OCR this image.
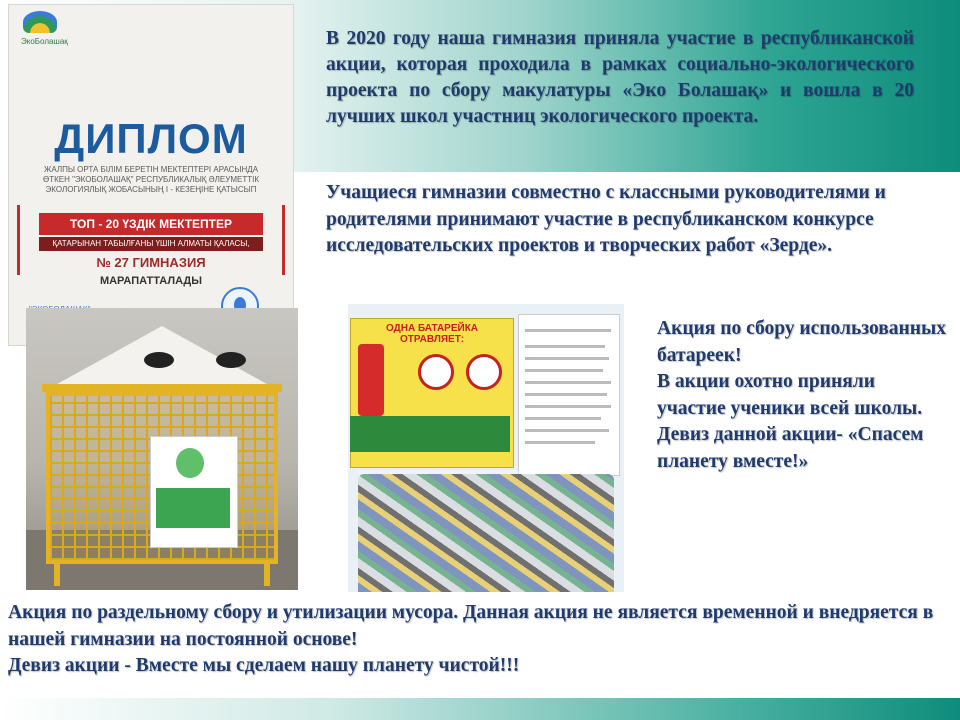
ЭкоБолашақ
ДИПЛОМ
ЖАЛПЫ ОРТА БІЛІМ БЕРЕТІН МЕКТЕПТЕРІ АРАСЫНДА
ӨТКЕН "ЭКОБОЛАШАҚ" РЕСПУБЛИКАЛЫҚ ӘЛЕУМЕТТІК
ЭКОЛОГИЯЛЫҚ ЖОБАСЫНЫҢ I - КЕЗЕҢІНЕ ҚАТЫСЫП
ТОП - 20 ҮЗДІК МЕКТЕПТЕР
ҚАТАРЫНАН ТАБЫЛҒАНЫ ҮШІН АЛМАТЫ ҚАЛАСЫ,
№ 27 ГИМНАЗИЯ
МАРАПАТТАЛАДЫ

В 2020 году наша гимназия приняла участие в республиканской акции, которая проходила в рамках социально-экологического проекта по сбору макулатуры «Эко Болашақ» и вошла в 20 лучших школ участниц экологического проекта.

Учащиеся гимназии совместно с классными руководителями и родителями принимают участие в республиканском конкурсе исследовательских проектов и творческих работ «Зерде».

Акция по сбору использованных батареек!
В акции охотно приняли участие ученики всей школы.
Девиз данной акции- «Спасем планету вместе!»
Акция по раздельному сбору и утилизации мусора. Данная акция не является временной и внедряется в нашей гимназии на постоянной основе!
Девиз акции - Вместе мы сделаем нашу планету чистой!!!
ОДНА БАТАРЕЙКА ОТРАВЛЯЕТ:
